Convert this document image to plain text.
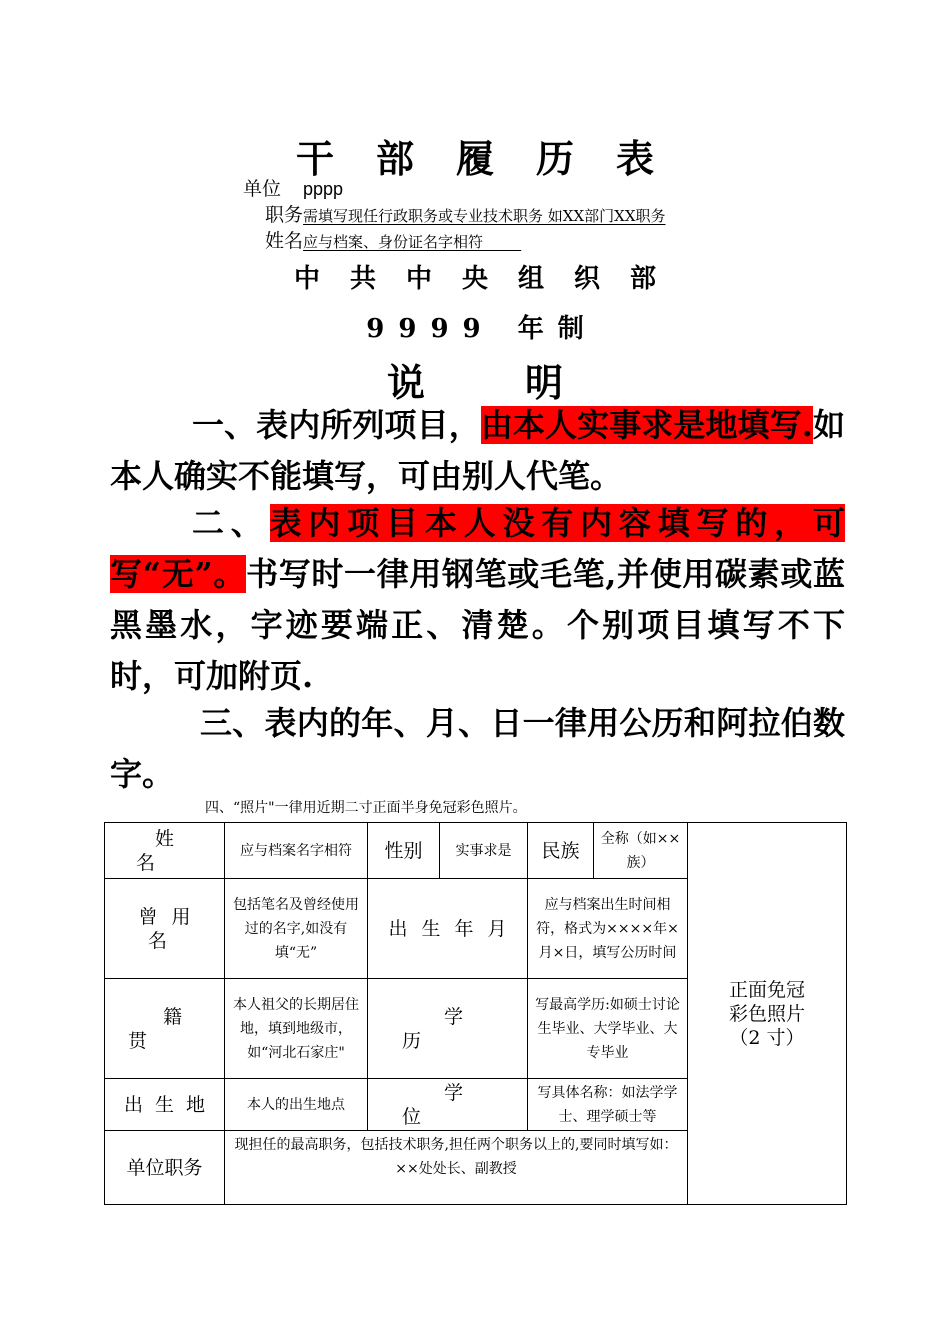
干部履历表
单位 pppp
职务需填写现任行政职务或专业技术职务 如XX部门XX职务
姓名应与档案、身份证名字相符
中共中央组织部
9999 年制
说明
一、表内所列项目，由本人实事求是地填写.如本人确实不能填写，可由别人代笔。
二、表内项目本人没有内容填写的，可写“无”。书写时一律用钢笔或毛笔,并使用碳素或蓝黑墨水，字迹要端正、清楚。个别项目填写不下时，可加附页.
三、表内的年、月、日一律用公历和阿拉伯数字。
四、“照片"一律用近期二寸正面半身免冠彩色照片。
姓名	应与档案名字相符	性别	实事求是	民族	全称（如××族）	正面免冠
彩色照片
（2 寸）

曾用名	包括笔名及曾经使用过的名字,如没有填“无”	出生年月		应与档案出生时间相符，格式为××××年×月×日，填写公历时间		
籍贯	本人祖父的长期居住地，填到地级市，如“河北石家庄"	学历		写最高学历:如硕士讨论生毕业、大学毕业、大专毕业		
出生地	本人的出生地点	学位		写具体名称：如法学学士、理学硕士等		
单位职务	现担任的最高职务，包括技术职务,担任两个职务以上的,要同时填写如：××处处长、副教授					
